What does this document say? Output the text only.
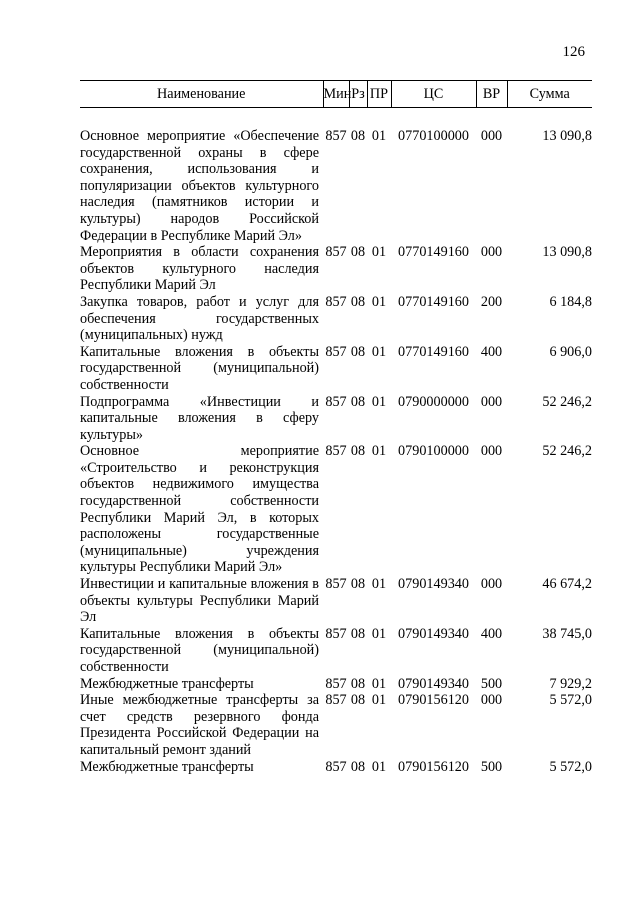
126
Наименование	Мин	Рз	ПР	ЦС	ВР	Сумма

Основное мероприятие «Обеспечение государственной охраны в сфере сохранения, использования и популяризации объектов культурного наследия (памятников истории и культуры) народов Российской Федерации в Республике Марий Эл»	857	08	01	0770100000	000	13 090,8
Мероприятия в области сохранения объектов культурного наследия Республики Марий Эл	857	08	01	0770149160	000	13 090,8
Закупка товаров, работ и услуг для обеспечения государственных (муниципальных) нужд	857	08	01	0770149160	200	6 184,8
Капитальные вложения в объекты государственной (муниципальной) собственности	857	08	01	0770149160	400	6 906,0
Подпрограмма «Инвестиции и капитальные вложения в сферу культуры»	857	08	01	0790000000	000	52 246,2
Основное мероприятие «Строительство и реконструкция объектов недвижимого имущества государственной собственности Республики Марий Эл, в которых расположены государственные (муниципальные) учреждения культуры Республики Марий Эл»	857	08	01	0790100000	000	52 246,2
Инвестиции и капитальные вложения в объекты культуры Республики Марий Эл	857	08	01	0790149340	000	46 674,2
Капитальные вложения в объекты государственной (муниципальной) собственности	857	08	01	0790149340	400	38 745,0
Межбюджетные трансферты	857	08	01	0790149340	500	7 929,2
Иные межбюджетные трансферты за счет средств резервного фонда Президента Российской Федерации на капитальный ремонт зданий	857	08	01	0790156120	000	5 572,0
Межбюджетные трансферты	857	08	01	0790156120	500	5 572,0
